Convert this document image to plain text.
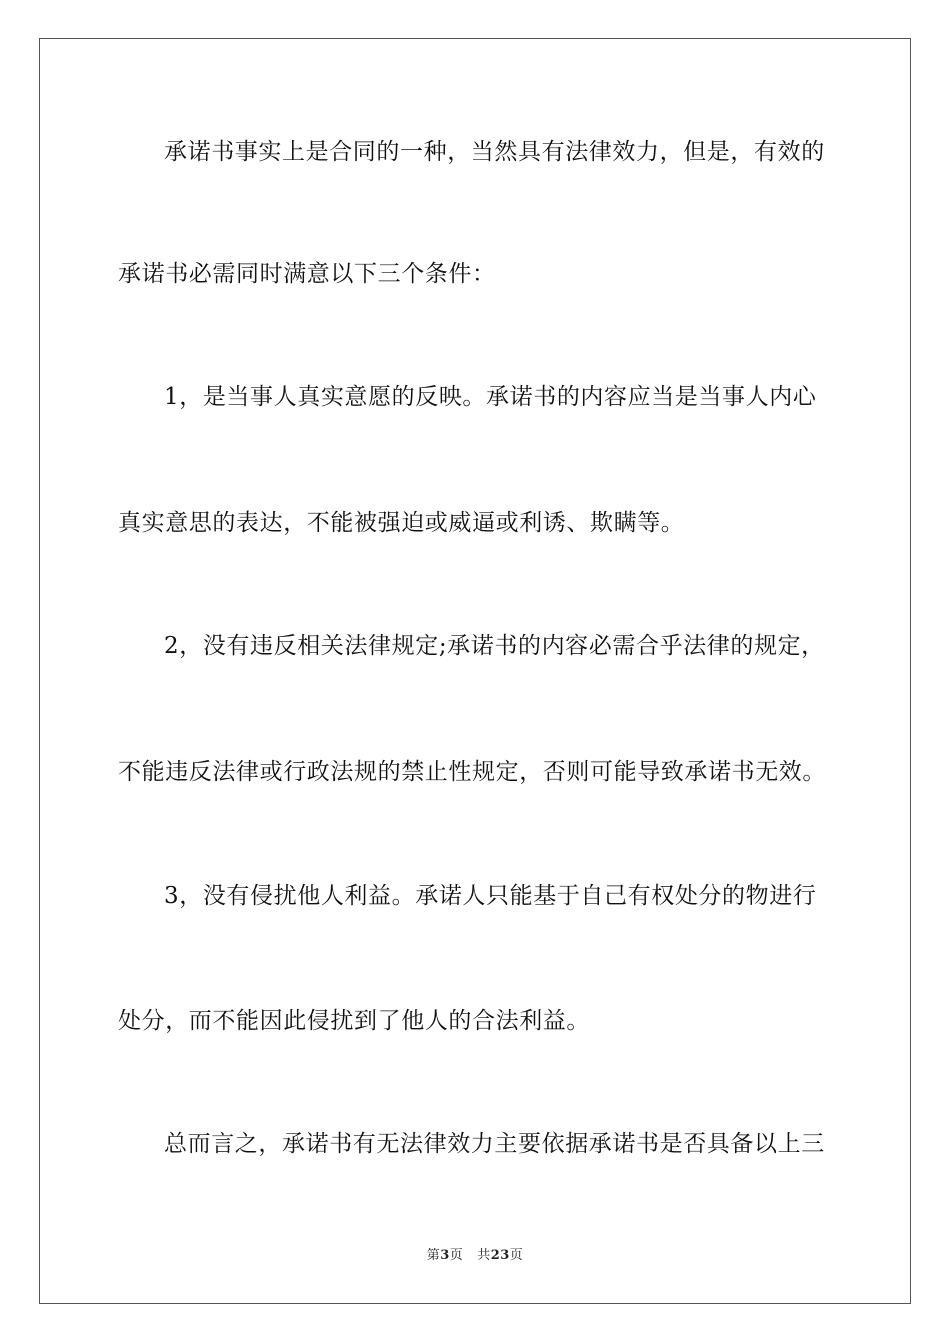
承诺书事实上是合同的一种，当然具有法律效力，但是，有效的
承诺书必需同时满意以下三个条件：
1，是当事人真实意愿的反映。承诺书的内容应当是当事人内心
真实意思的表达，不能被强迫或威逼或利诱、欺瞒等。
2，没有违反相关法律规定;承诺书的内容必需合乎法律的规定，
不能违反法律或行政法规的禁止性规定，否则可能导致承诺书无效。
3，没有侵扰他人利益。承诺人只能基于自己有权处分的物进行
处分，而不能因此侵扰到了他人的合法利益。
总而言之，承诺书有无法律效力主要依据承诺书是否具备以上三
第3页 共23页
